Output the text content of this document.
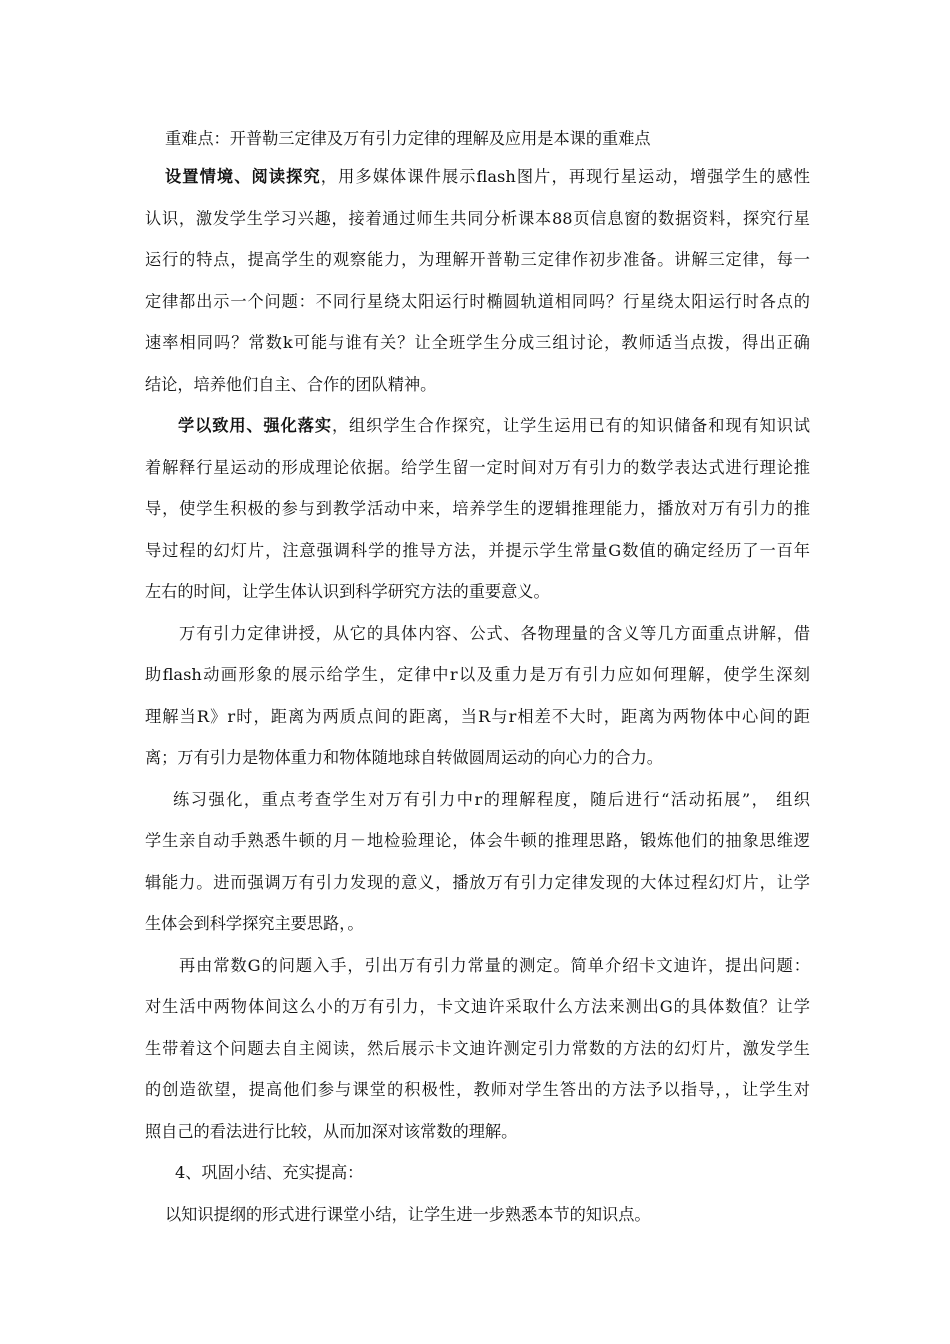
重难点：开普勒三定律及万有引力定律的理解及应用是本课的重难点
设置情境、阅读探究，用多媒体课件展示flash图片，再现行星运动，增强学生的感性
认识，激发学生学习兴趣，接着通过师生共同分析课本88页信息窗的数据资料，探究行星
运行的特点，提高学生的观察能力，为理解开普勒三定律作初步准备。讲解三定律，每一
定律都出示一个问题：不同行星绕太阳运行时椭圆轨道相同吗？行星绕太阳运行时各点的
速率相同吗？常数k可能与谁有关？让全班学生分成三组讨论，教师适当点拨，得出正确
结论，培养他们自主、合作的团队精神。
学以致用、强化落实，组织学生合作探究，让学生运用已有的知识储备和现有知识试
着解释行星运动的形成理论依据。给学生留一定时间对万有引力的数学表达式进行理论推
导，使学生积极的参与到教学活动中来，培养学生的逻辑推理能力，播放对万有引力的推
导过程的幻灯片，注意强调科学的推导方法，并提示学生常量G数值的确定经历了一百年
左右的时间，让学生体认识到科学研究方法的重要意义。
万有引力定律讲授，从它的具体内容、公式、各物理量的含义等几方面重点讲解，借
助flash动画形象的展示给学生，定律中r以及重力是万有引力应如何理解，使学生深刻
理解当R》r时，距离为两质点间的距离，当R与r相差不大时，距离为两物体中心间的距
离；万有引力是物体重力和物体随地球自转做圆周运动的向心力的合力。
练习强化，重点考查学生对万有引力中r的理解程度，随后进行“活动拓展”， 组织
学生亲自动手熟悉牛顿的月－地检验理论，体会牛顿的推理思路，锻炼他们的抽象思维逻
辑能力。进而强调万有引力发现的意义，播放万有引力定律发现的大体过程幻灯片，让学
生体会到科学探究主要思路，。
再由常数G的问题入手，引出万有引力常量的测定。简单介绍卡文迪许，提出问题：
对生活中两物体间这么小的万有引力，卡文迪许采取什么方法来测出G的具体数值？让学
生带着这个问题去自主阅读，然后展示卡文迪许测定引力常数的方法的幻灯片，激发学生
的创造欲望，提高他们参与课堂的积极性，教师对学生答出的方法予以指导，，让学生对
照自己的看法进行比较，从而加深对该常数的理解。
4、巩固小结、充实提高：
以知识提纲的形式进行课堂小结，让学生进一步熟悉本节的知识点。
